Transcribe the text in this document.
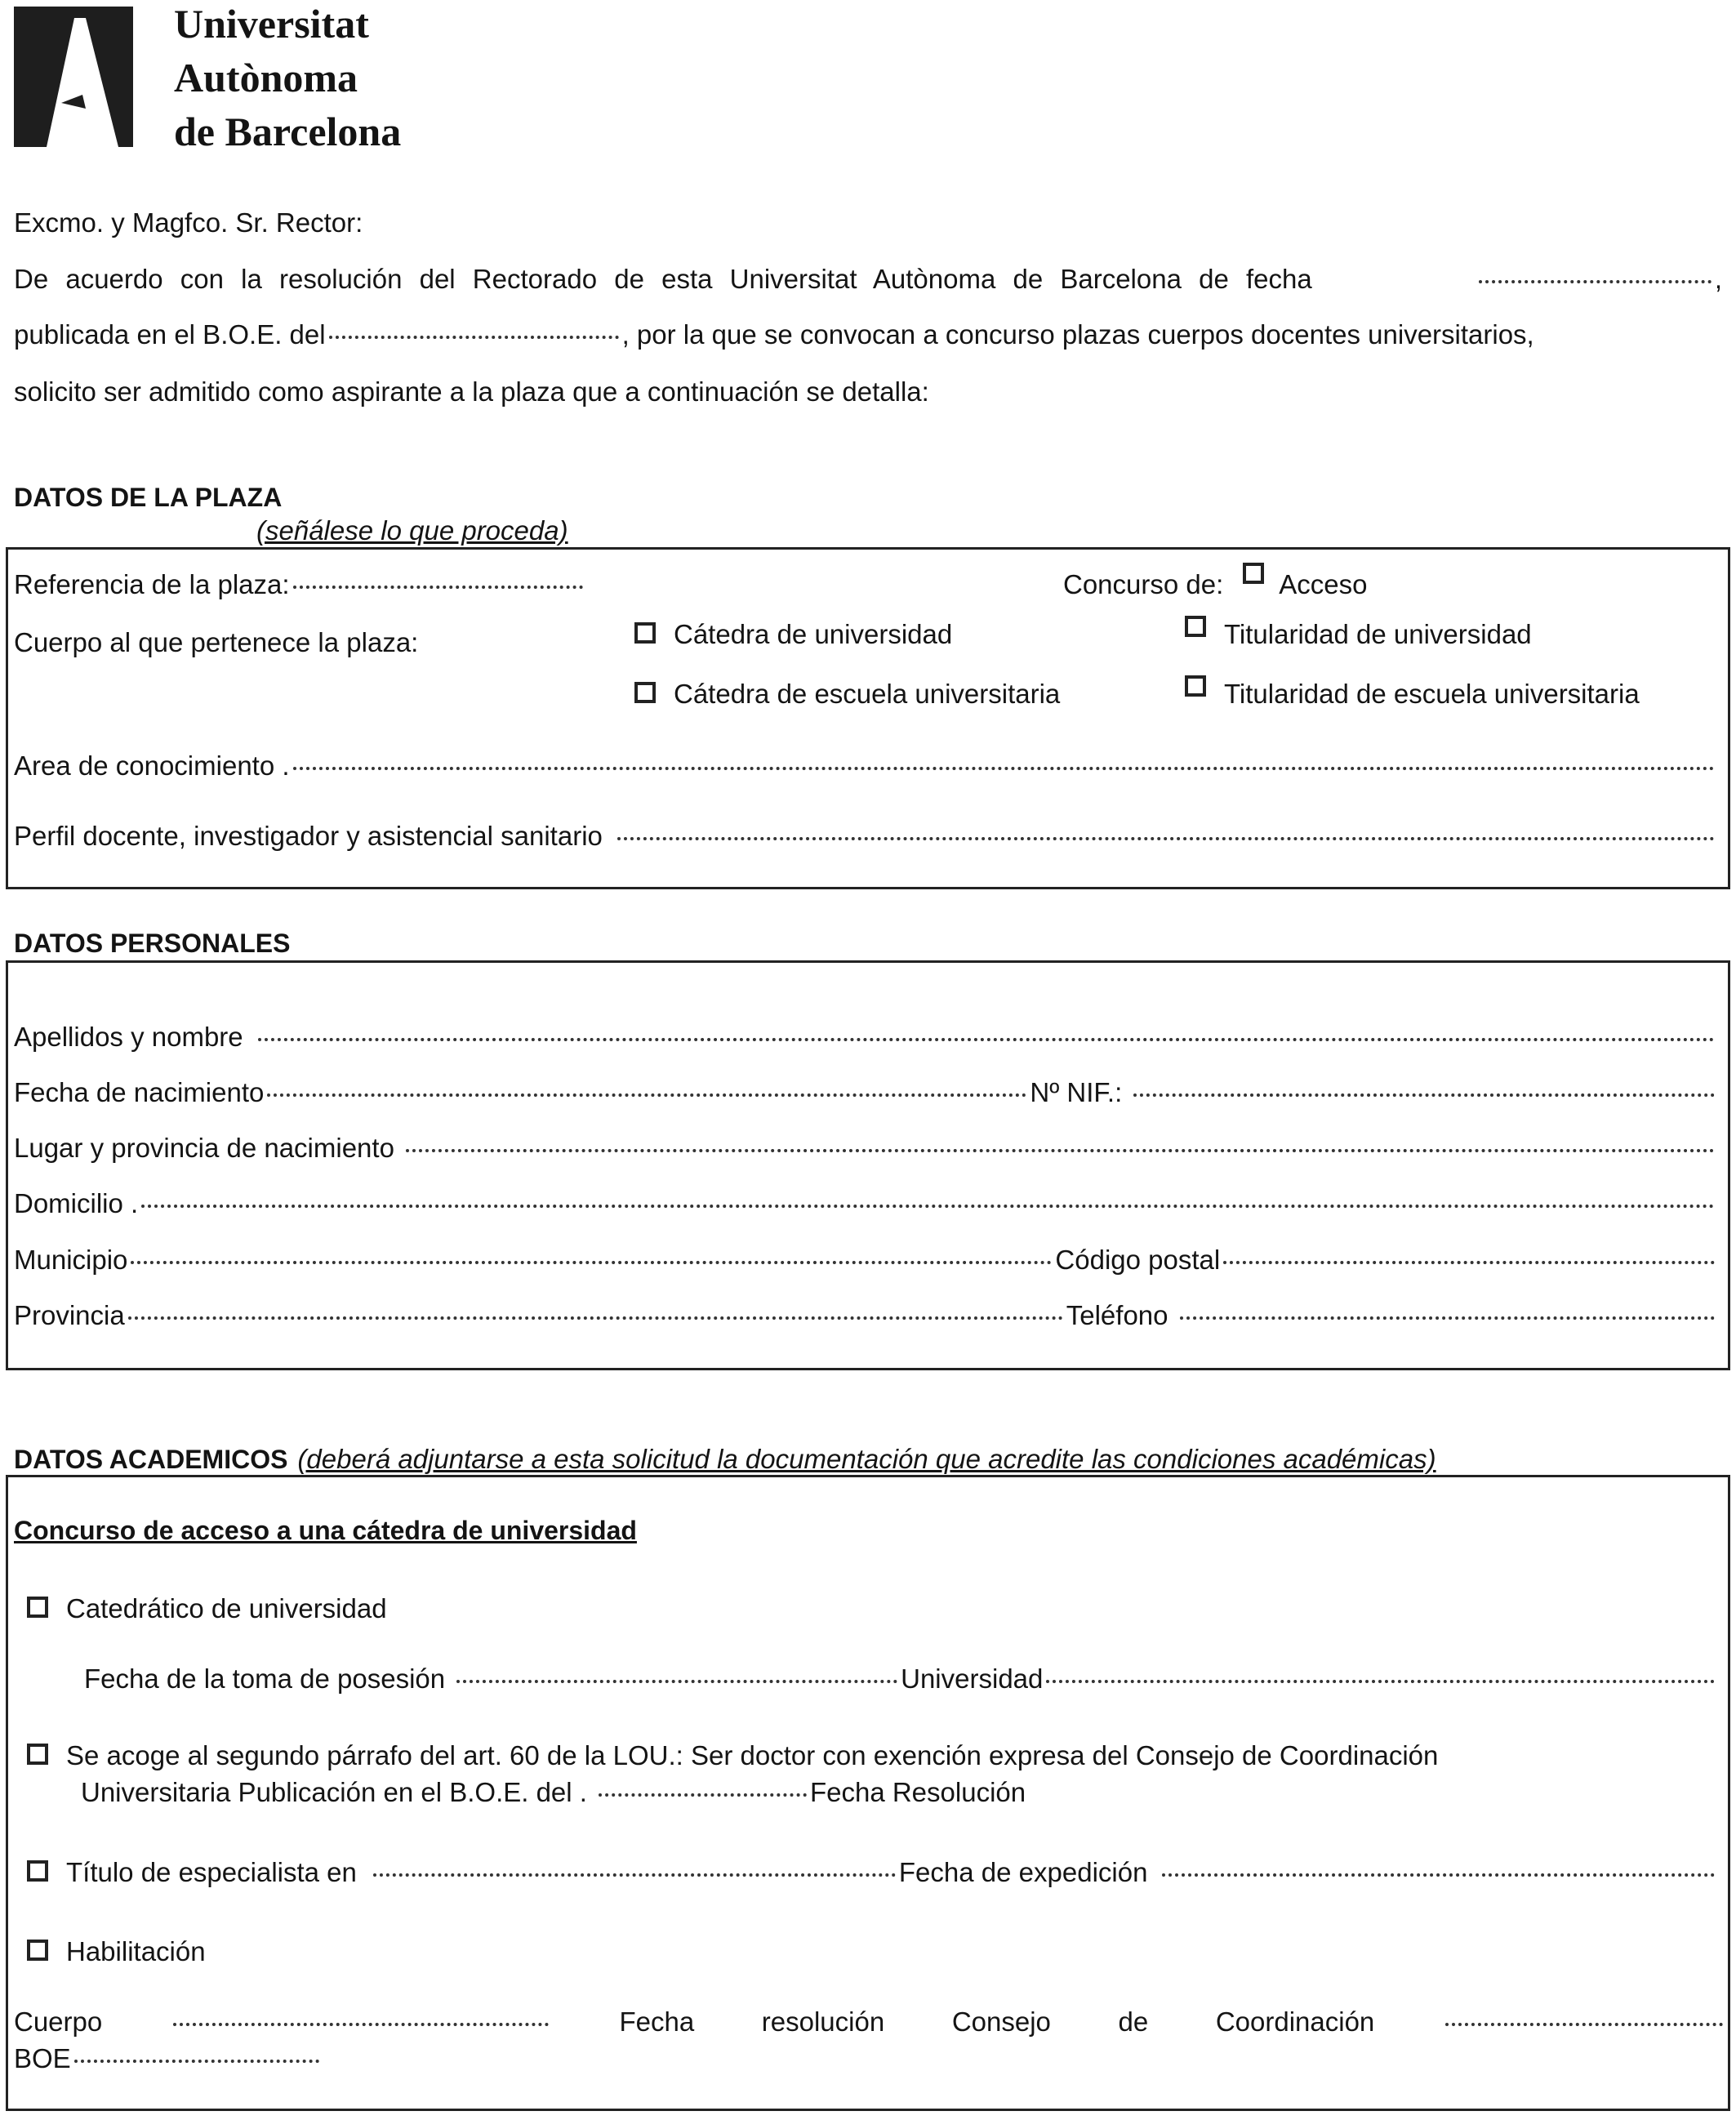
Universitat
Autònoma
de Barcelona
Excmo. y Magfco. Sr. Rector:
De acuerdo con la resolución del Rectorado de esta Universitat Autònoma de Barcelona de fecha	,
publicada en el B.O.E. del	, por la que se convocan a concurso plazas cuerpos docentes universitarios,
solicito ser admitido como aspirante a la plaza que a continuación se detalla:
DATOS DE LA PLAZA
(señálese lo que proceda)
Referencia de la plaza:	Concurso de: Acceso
Cuerpo al que pertenece la plaza:	Cátedra de universidad	Titularidad de universidad
Cátedra de escuela universitaria	Titularidad de escuela universitaria
Area de conocimiento .
Perfil docente, investigador y asistencial sanitario
DATOS PERSONALES
Apellidos y nombre
Fecha de nacimiento	Nº NIF.:
Lugar y provincia de nacimiento
Domicilio .
Municipio	Código postal
Provincia	Teléfono
DATOS ACADEMICOS (deberá adjuntarse a esta solicitud la documentación que acredite las condiciones académicas)
Concurso de acceso a una cátedra de universidad
Catedrático de universidad
Fecha de la toma de posesión	Universidad
Se acoge al segundo párrafo del art. 60 de la LOU.: Ser doctor con exención expresa del Consejo de Coordinación
Universitaria Publicación en el B.O.E. del .	Fecha Resolución
Título de especialista en	Fecha de expedición
Habilitación
Cuerpo	Fecha	resolución	Consejo	de	Coordinación
BOE
